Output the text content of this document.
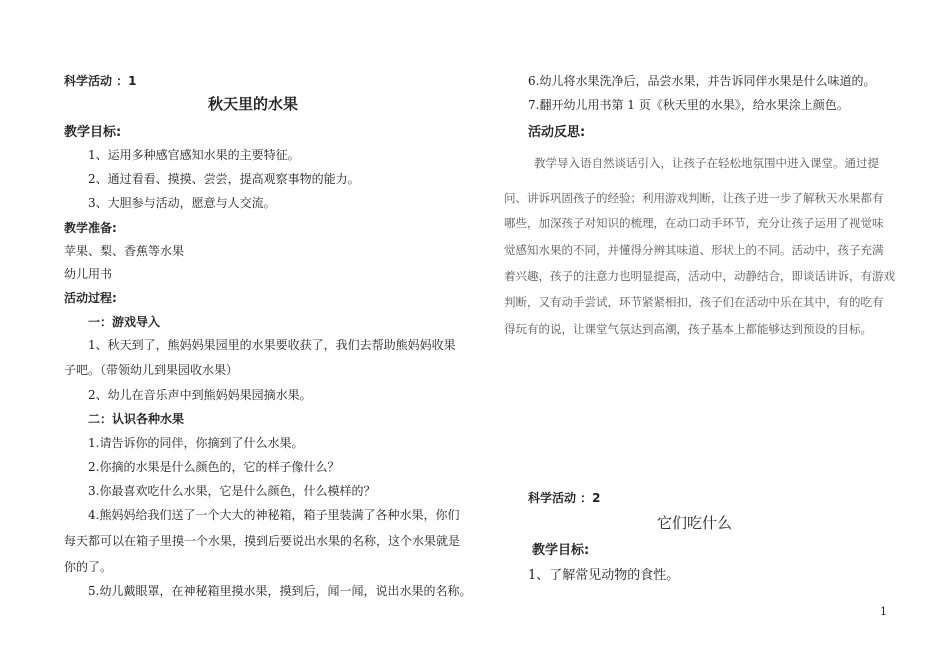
科学活动 ：1
秋天里的水果
教学目标:
1、运用多种感官感知水果的主要特征。
2、通过看看、摸摸、尝尝，提高观察事物的能力。
3、大胆参与活动，愿意与人交流。
教学准备:
苹果、梨、香蕉等水果
幼儿用书
活动过程:
一：游戏导入
1、秋天到了，熊妈妈果园里的水果要收获了，我们去帮助熊妈妈收果
子吧。（带领幼儿到果园收水果）
2、幼儿在音乐声中到熊妈妈果园摘水果。
二：认识各种水果
1.请告诉你的同伴，你摘到了什么水果。
2.你摘的水果是什么颜色的，它的样子像什么？
3.你最喜欢吃什么水果，它是什么颜色，什么模样的？
4.熊妈妈给我们送了一个大大的神秘箱，箱子里装满了各种水果，你们
每天都可以在箱子里摸一个水果，摸到后要说出水果的名称，这个水果就是
你的了。
5.幼儿戴眼罩，在神秘箱里摸水果，摸到后，闻一闻，说出水果的名称。
6.幼儿将水果洗净后，品尝水果，并告诉同伴水果是什么味道的。
7.翻开幼儿用书第 1 页《秋天里的水果》，给水果涂上颜色。
活动反思:
教学导入语自然谈话引入，让孩子在轻松地氛围中进入课堂。通过提
问、讲诉巩固孩子的经验；利用游戏判断，让孩子进一步了解秋天水果都有
哪些，加深孩子对知识的梳理，在动口动手环节，充分让孩子运用了视觉味
觉感知水果的不同，并懂得分辨其味道、形状上的不同。活动中，孩子充满
着兴趣，孩子的注意力也明显提高，活动中，动静结合，即谈话讲诉，有游戏
判断，又有动手尝试，环节紧紧相扣，孩子们在活动中乐在其中，有的吃有
得玩有的说，让课堂气氛达到高潮，孩子基本上都能够达到预设的目标。
科学活动 ：2
它们吃什么
教学目标:
1、了解常见动物的食性。
1
